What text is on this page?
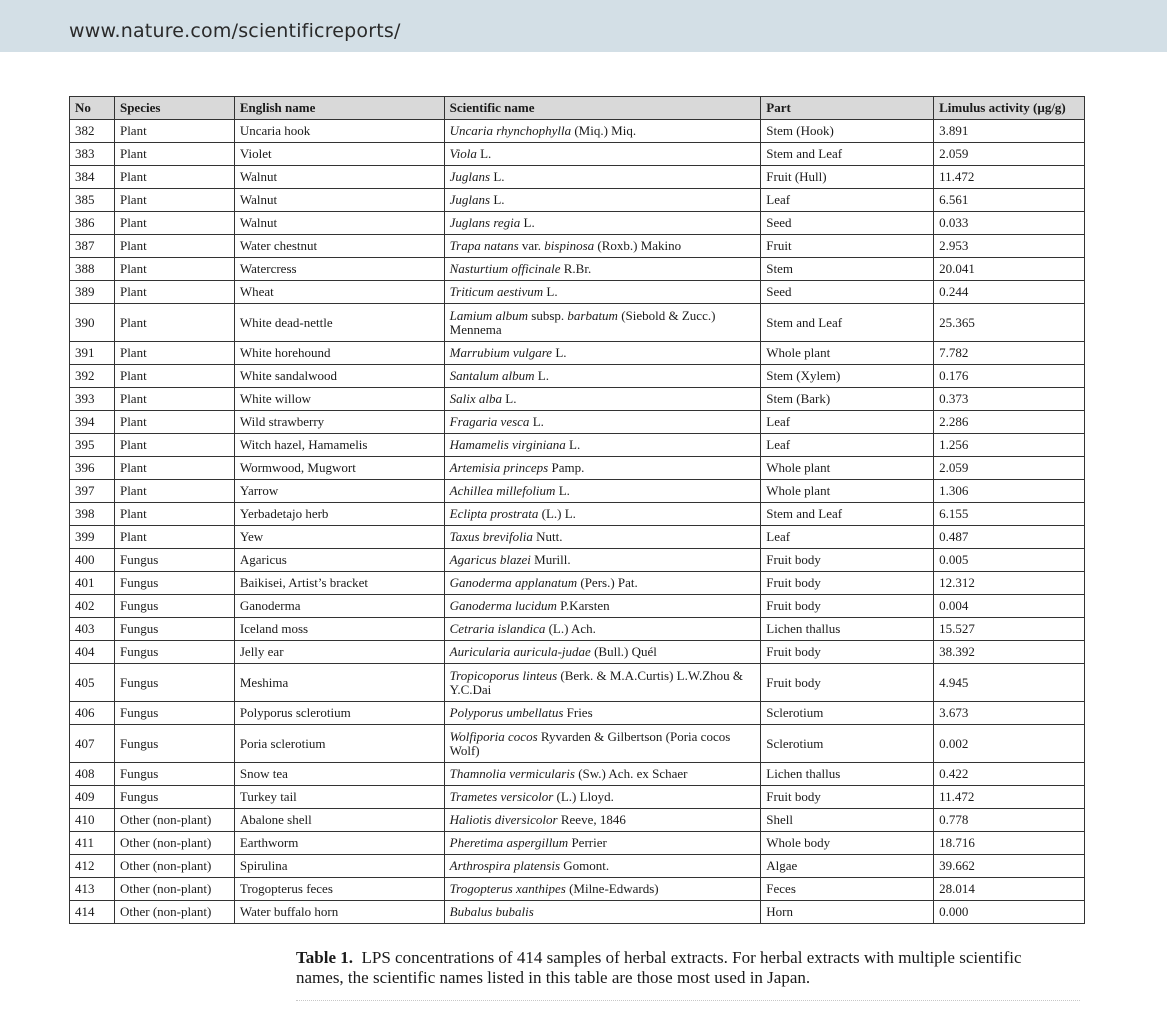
www.nature.com/scientificreports/
No	Species	English name	Scientific name	Part	Limulus activity (µg/g)
382	Plant	Uncaria hook	Uncaria rhynchophylla (Miq.) Miq.	Stem (Hook)	3.891
383	Plant	Violet	Viola L.	Stem and Leaf	2.059
384	Plant	Walnut	Juglans L.	Fruit (Hull)	11.472
385	Plant	Walnut	Juglans L.	Leaf	6.561
386	Plant	Walnut	Juglans regia L.	Seed	0.033
387	Plant	Water chestnut	Trapa natans var. bispinosa (Roxb.) Makino	Fruit	2.953
388	Plant	Watercress	Nasturtium officinale R.Br.	Stem	20.041
389	Plant	Wheat	Triticum aestivum L.	Seed	0.244
390	Plant	White dead-nettle	Lamium album subsp. barbatum (Siebold & Zucc.) Mennema	Stem and Leaf	25.365
391	Plant	White horehound	Marrubium vulgare L.	Whole plant	7.782
392	Plant	White sandalwood	Santalum album L.	Stem (Xylem)	0.176
393	Plant	White willow	Salix alba L.	Stem (Bark)	0.373
394	Plant	Wild strawberry	Fragaria vesca L.	Leaf	2.286
395	Plant	Witch hazel, Hamamelis	Hamamelis virginiana L.	Leaf	1.256
396	Plant	Wormwood, Mugwort	Artemisia princeps Pamp.	Whole plant	2.059
397	Plant	Yarrow	Achillea millefolium L.	Whole plant	1.306
398	Plant	Yerbadetajo herb	Eclipta prostrata (L.) L.	Stem and Leaf	6.155
399	Plant	Yew	Taxus brevifolia Nutt.	Leaf	0.487
400	Fungus	Agaricus	Agaricus blazei Murill.	Fruit body	0.005
401	Fungus	Baikisei, Artist’s bracket	Ganoderma applanatum (Pers.) Pat.	Fruit body	12.312
402	Fungus	Ganoderma	Ganoderma lucidum P.Karsten	Fruit body	0.004
403	Fungus	Iceland moss	Cetraria islandica (L.) Ach.	Lichen thallus	15.527
404	Fungus	Jelly ear	Auricularia auricula-judae (Bull.) Quél	Fruit body	38.392
405	Fungus	Meshima	Tropicoporus linteus (Berk. & M.A.Curtis) L.W.Zhou & Y.C.Dai	Fruit body	4.945
406	Fungus	Polyporus sclerotium	Polyporus umbellatus Fries	Sclerotium	3.673
407	Fungus	Poria sclerotium	Wolfiporia cocos Ryvarden & Gilbertson (Poria cocos Wolf)	Sclerotium	0.002
408	Fungus	Snow tea	Thamnolia vermicularis (Sw.) Ach. ex Schaer	Lichen thallus	0.422
409	Fungus	Turkey tail	Trametes versicolor (L.) Lloyd.	Fruit body	11.472
410	Other (non-plant)	Abalone shell	Haliotis diversicolor Reeve, 1846	Shell	0.778
411	Other (non-plant)	Earthworm	Pheretima aspergillum Perrier	Whole body	18.716
412	Other (non-plant)	Spirulina	Arthrospira platensis Gomont.	Algae	39.662
413	Other (non-plant)	Trogopterus feces	Trogopterus xanthipes (Milne-Edwards)	Feces	28.014
414	Other (non-plant)	Water buffalo horn	Bubalus bubalis	Horn	0.000
Table 1. LPS concentrations of 414 samples of herbal extracts. For herbal extracts with multiple scientific names, the scientific names listed in this table are those most used in Japan.
